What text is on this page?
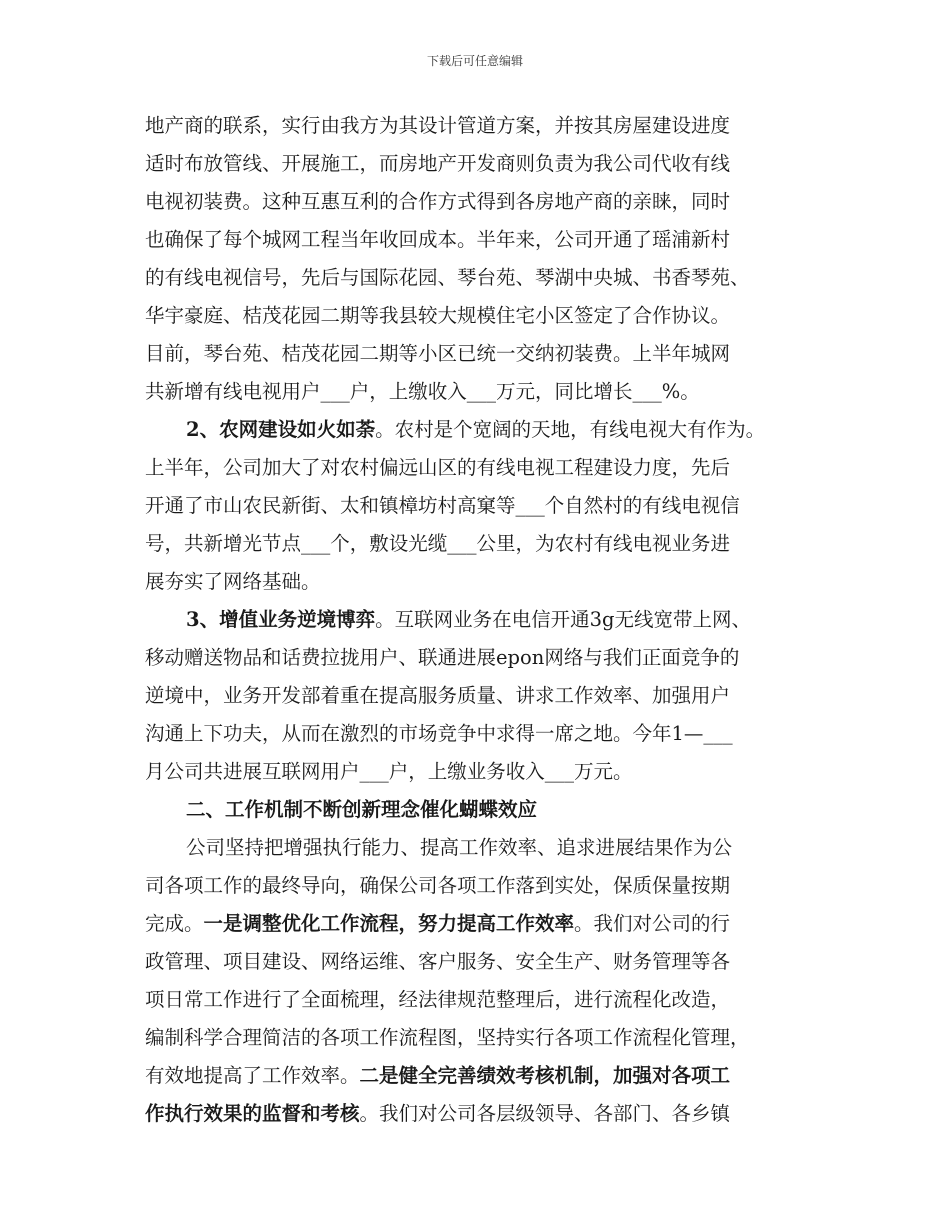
下载后可任意编辑
地产商的联系，实行由我方为其设计管道方案，并按其房屋建设进度
适时布放管线、开展施工，而房地产开发商则负责为我公司代收有线
电视初装费。这种互惠互利的合作方式得到各房地产商的亲睐，同时
也确保了每个城网工程当年收回成本。半年来，公司开通了瑶浦新村
的有线电视信号，先后与国际花园、琴台苑、琴湖中央城、书香琴苑、
华宇豪庭、桔茂花园二期等我县较大规模住宅小区签定了合作协议。
目前，琴台苑、桔茂花园二期等小区已统一交纳初装费。上半年城网
共新增有线电视用户___户，上缴收入___万元，同比增长___%。
2、农网建设如火如荼。农村是个宽阔的天地，有线电视大有作为。
上半年，公司加大了对农村偏远山区的有线电视工程建设力度，先后
开通了市山农民新街、太和镇樟坊村高窠等___个自然村的有线电视信
号，共新增光节点___个，敷设光缆___公里，为农村有线电视业务进
展夯实了网络基础。
3、增值业务逆境博弈。互联网业务在电信开通3g无线宽带上网、
移动赠送物品和话费拉拢用户、联通进展epon网络与我们正面竞争的
逆境中，业务开发部着重在提高服务质量、讲求工作效率、加强用户
沟通上下功夫，从而在激烈的市场竞争中求得一席之地。今年1—___
月公司共进展互联网用户___户，上缴业务收入___万元。
二、工作机制不断创新理念催化蝴蝶效应
公司坚持把增强执行能力、提高工作效率、追求进展结果作为公
司各项工作的最终导向，确保公司各项工作落到实处，保质保量按期
完成。一是调整优化工作流程，努力提高工作效率。我们对公司的行
政管理、项目建设、网络运维、客户服务、安全生产、财务管理等各
项日常工作进行了全面梳理，经法律规范整理后，进行流程化改造，
编制科学合理简洁的各项工作流程图，坚持实行各项工作流程化管理，
有效地提高了工作效率。二是健全完善绩效考核机制，加强对各项工
作执行效果的监督和考核。我们对公司各层级领导、各部门、各乡镇
